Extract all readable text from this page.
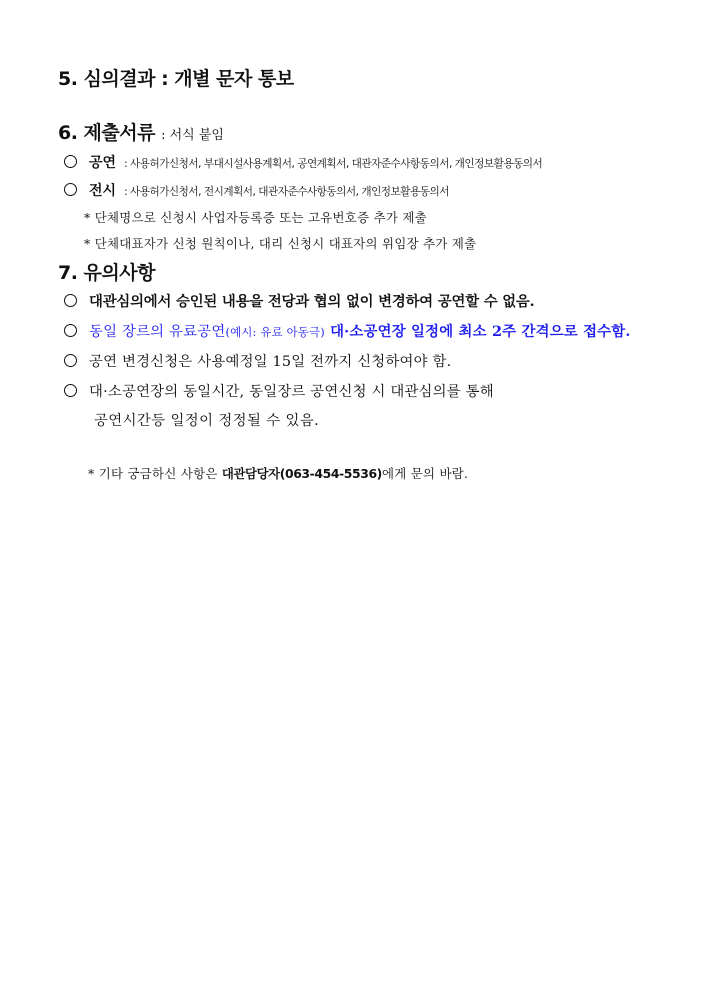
5. 심의결과 : 개별 문자 통보
6. 제출서류 : 서식 붙임
공연 : 사용허가신청서, 부대시설사용계획서, 공연계획서, 대관자준수사항동의서, 개인정보활용동의서
전시 : 사용허가신청서, 전시계획서, 대관자준수사항동의서, 개인정보활용동의서
* 단체명으로 신청시 사업자등록증 또는 고유번호증 추가 제출
* 단체대표자가 신청 원칙이나, 대리 신청시 대표자의 위임장 추가 제출
7. 유의사항
대관심의에서 승인된 내용을 전당과 협의 없이 변경하여 공연할 수 없음.
동일 장르의 유료공연(예시: 유료 아동극) 대·소공연장 일정에 최소 2주 간격으로 접수함.
공연 변경신청은 사용예정일 15일 전까지 신청하여야 함.
대·소공연장의 동일시간, 동일장르 공연신청 시 대관심의를 통해
공연시간등 일정이 정정될 수 있음.
* 기타 궁금하신 사항은 대관담당자(063-454-5536)에게 문의 바람.
